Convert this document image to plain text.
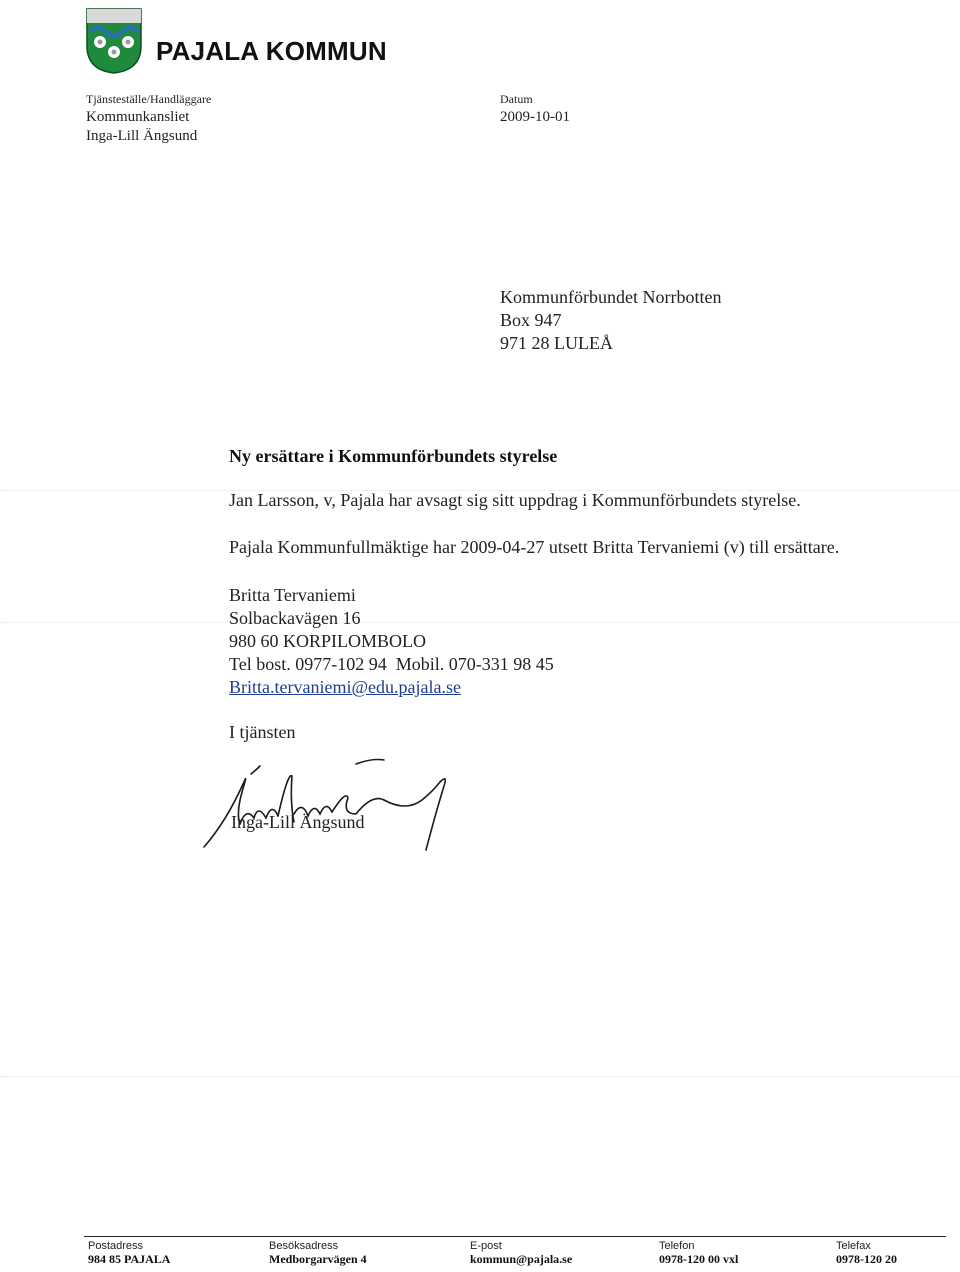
PAJALA KOMMUN
Tjänsteställe/Handläggare
Kommunkansliet
Inga-Lill Ängsund
Datum
2009-10-01
Kommunförbundet Norrbotten
Box 947
971 28 LULEÅ
Ny ersättare i Kommunförbundets styrelse
Jan Larsson, v, Pajala har avsagt sig sitt uppdrag i Kommunförbundets styrelse.
Pajala Kommunfullmäktige har 2009-04-27 utsett Britta Tervaniemi (v) till ersättare.
Britta Tervaniemi
Solbackavägen 16
980 60 KORPILOMBOLO
Tel bost. 0977-102 94  Mobil. 070-331 98 45
Britta.tervaniemi@edu.pajala.se
I tjänsten
Inga-Lill Ängsund
Postadress
984 85 PAJALA
Besöksadress
Medborgarvägen 4
E-post
kommun@pajala.se
Telefon
0978-120 00 vxl
Telefax
0978-120 20
